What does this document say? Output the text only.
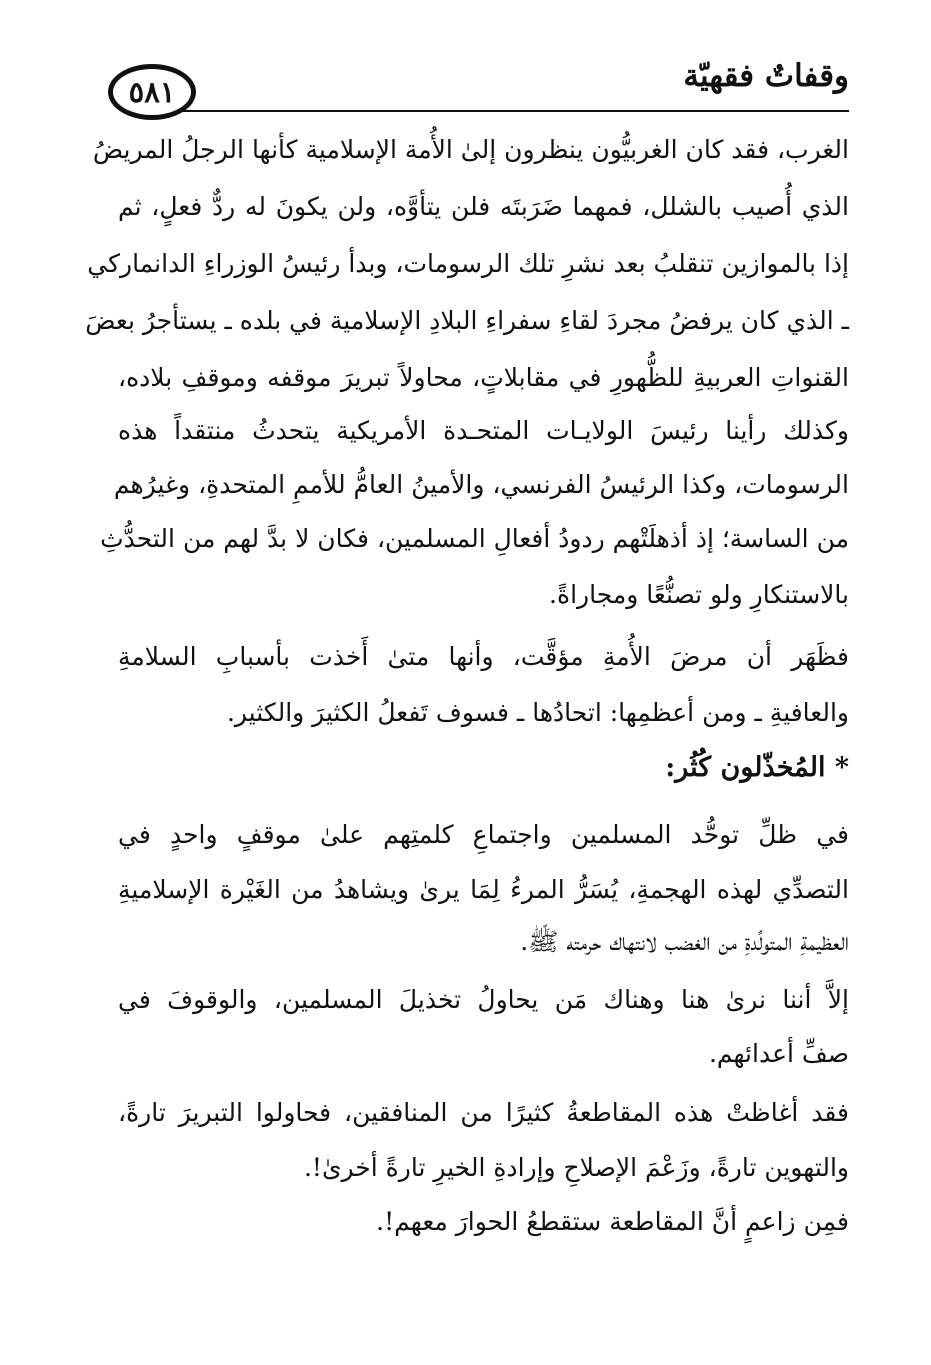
وقفاتٌ فقهيّة
٥٨١
الغرب، فقد كان الغربيُّون ينظرون إلىٰ الأُمة الإسلامية كأنها الرجلُ المريضُ
الذي أُصيب بالشلل، فمهما ضَرَبتَه فلن يتأوَّه، ولن يكونَ له ردٌّ فعلٍ، ثم
إذا بالموازين تنقلبُ بعد نشرِ تلك الرسومات، وبدأ رئيسُ الوزراءِ الدانماركي
ـ الذي كان يرفضُ مجردَ لقاءِ سفراءِ البلادِ الإسلامية في بلده ـ يستأجرُ بعضَ
القنواتِ العربيةِ للظُّهورِ في مقابلاتٍ، محاولاً تبريرَ موقفه وموقفِ بلاده،
وكذلك رأينا رئيسَ الولايـات المتحـدة الأمريكية يتحدثُ منتقداً هذه
الرسومات، وكذا الرئيسُ الفرنسي، والأمينُ العامُّ للأممِ المتحدةِ، وغيرُهم
من الساسة؛ إذ أذهلَتْهم ردودُ أفعالِ المسلمين، فكان لا بدَّ لهم من التحدُّثِ
بالاستنكارِ ولو تصنُّعًا ومجاراةً.
فظَهَر أن مرضَ الأُمةِ مؤقَّت، وأنها متىٰ أَخذت بأسبابِ السلامةِ
والعافيةِ ـ ومن أعظمِها: اتحادُها ـ فسوف تَفعلُ الكثيرَ والكثير.
* المُخذّلون كُثُر:
في ظلِّ توحُّد المسلمين واجتماعِ كلمتِهم علىٰ موقفٍ واحدٍ في
التصدِّي لهذه الهجمةِ، يُسَرُّ المرءُ لِمَا يرىٰ ويشاهدُ من الغَيْرة الإسلاميةِ
العظيمةِ المتولِّدةِ من الغضب لانتهاك حرمته ﷺ.
إلاَّ أننا نرىٰ هنا وهناك مَن يحاولُ تخذيلَ المسلمين، والوقوفَ في
صفِّ أعدائهم.
فقد أغاظتْ هذه المقاطعةُ كثيرًا من المنافقين، فحاولوا التبريرَ تارةً،
والتهوين تارةً، وزَعْمَ الإصلاحِ وإرادةِ الخيرِ تارةً أخرىٰ!.
فمِن زاعمٍ أنَّ المقاطعة ستقطعُ الحوارَ معهم!.
